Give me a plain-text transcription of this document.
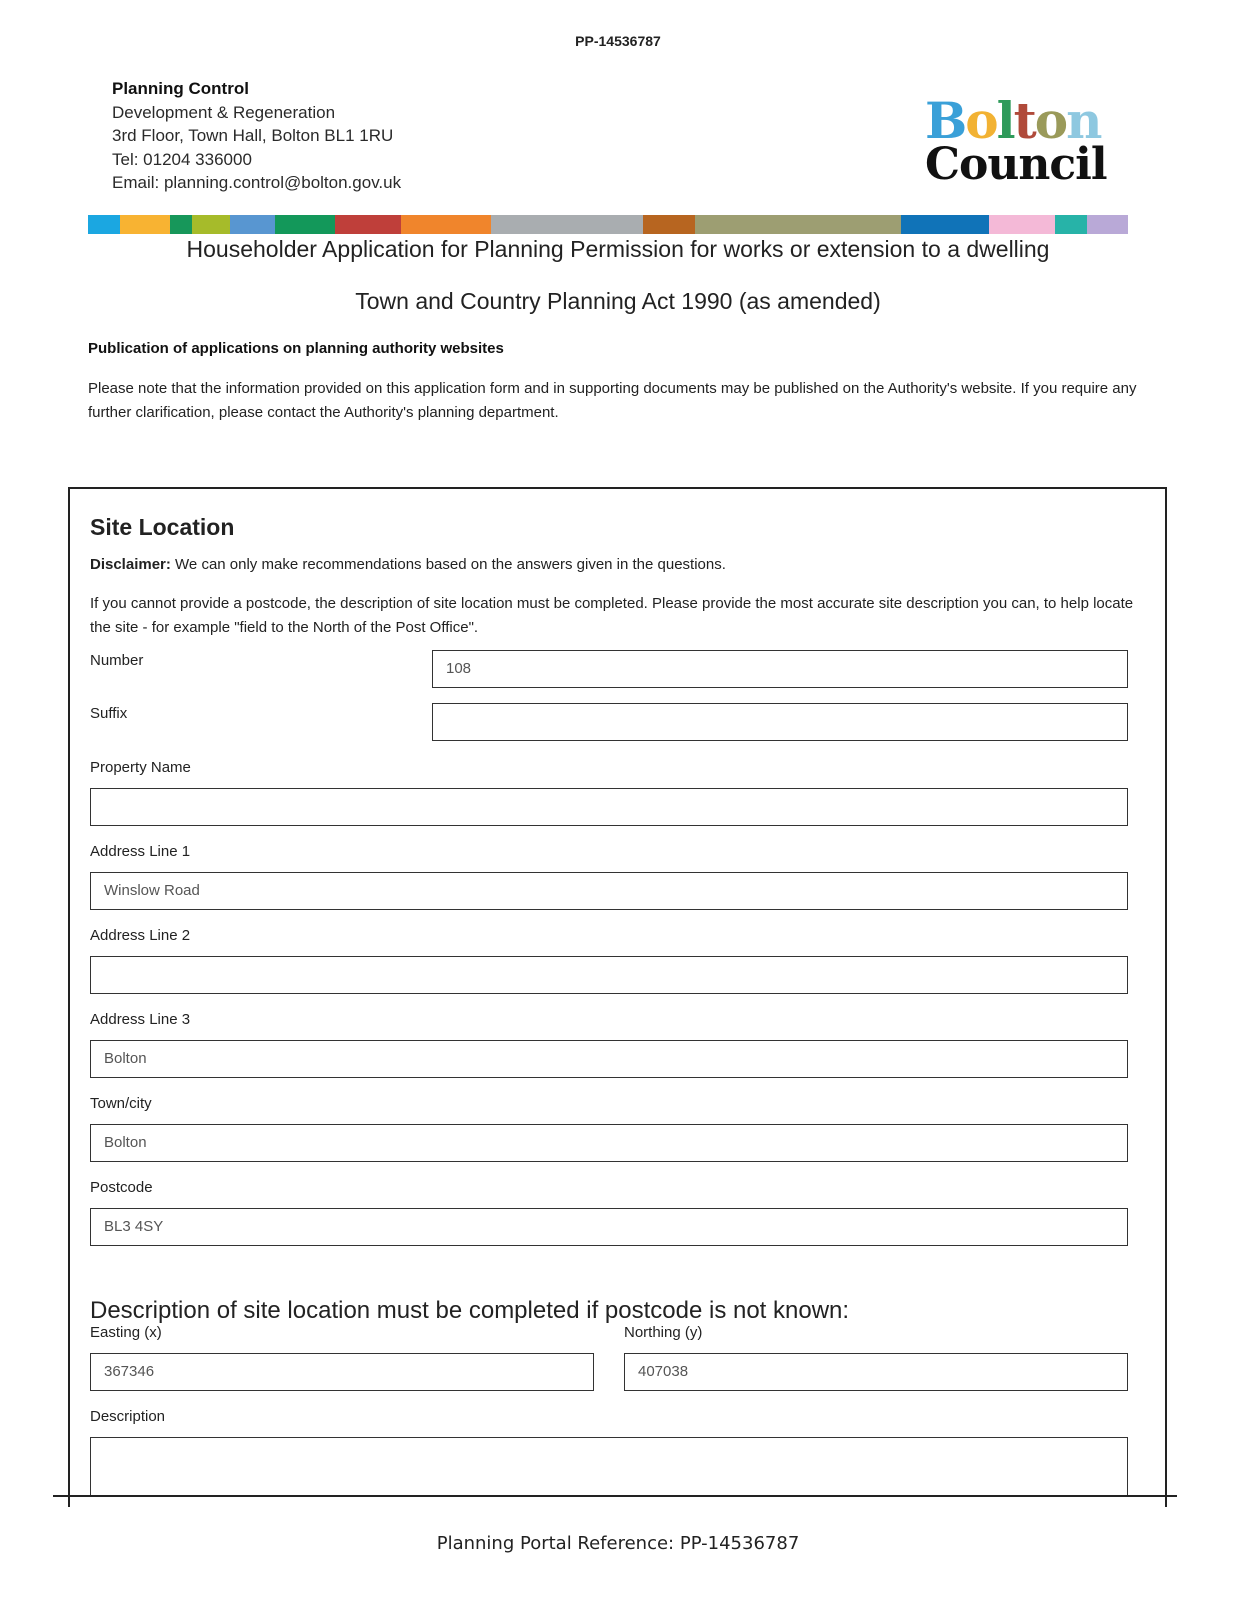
PP-14536787
Planning Control
Development & Regeneration
3rd Floor, Town Hall, Bolton BL1 1RU
Tel: 01204 336000
Email: planning.control@bolton.gov.uk
Bolton
Council
Householder Application for Planning Permission for works or extension to a dwelling
Town and Country Planning Act 1990 (as amended)
Publication of applications on planning authority websites
Please note that the information provided on this application form and in supporting documents may be published on the Authority's website. If you require any further clarification, please contact the Authority's planning department.
Site Location
Disclaimer: We can only make recommendations based on the answers given in the questions.
If you cannot provide a postcode, the description of site location must be completed. Please provide the most accurate site description you can, to help locate the site - for example "field to the North of the Post Office".
Number	108
Suffix
Property Name
Address Line 1
Winslow Road
Address Line 2
Address Line 3
Bolton
Town/city
Bolton
Postcode
BL3 4SY
Description of site location must be completed if postcode is not known:
Easting (x)
367346
Northing (y)
407038
Description
Planning Portal Reference: PP-14536787
